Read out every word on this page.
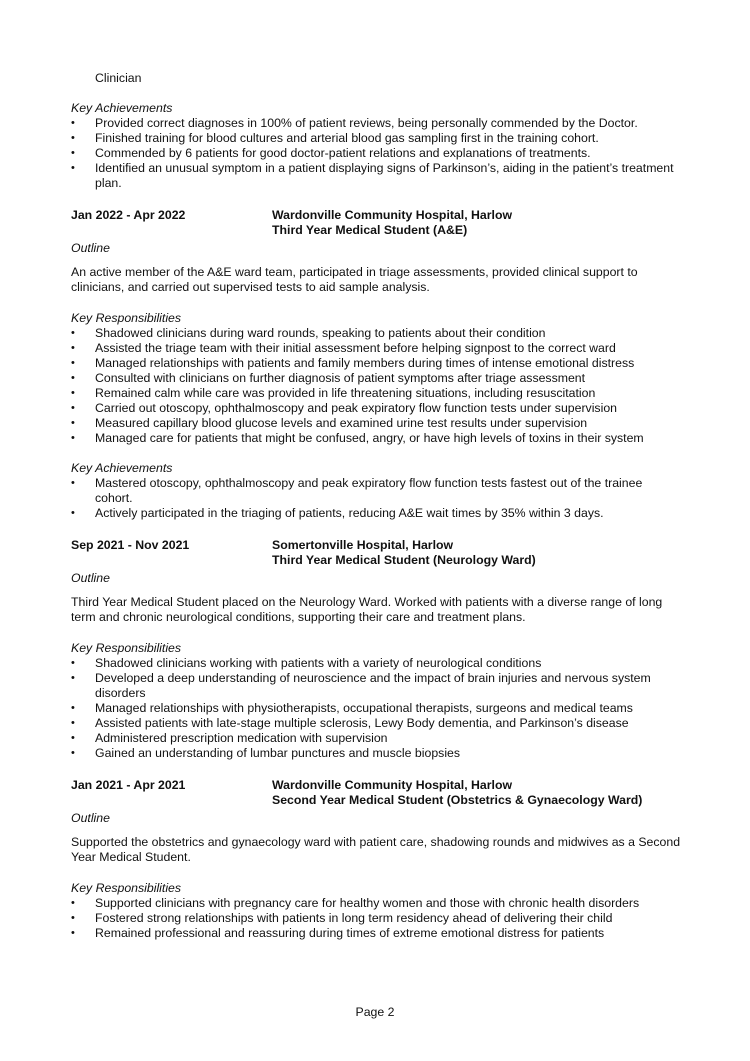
Clinician
Key Achievements
• Provided correct diagnoses in 100% of patient reviews, being personally commended by the Doctor.
• Finished training for blood cultures and arterial blood gas sampling first in the training cohort.
• Commended by 6 patients for good doctor-patient relations and explanations of treatments.
• Identified an unusual symptom in a patient displaying signs of Parkinson’s, aiding in the patient’s treatment plan.
Jan 2022 - Apr 2022	Wardonville Community Hospital, Harlow
Third Year Medical Student (A&E)
Outline

An active member of the A&E ward team, participated in triage assessments, provided clinical support to clinicians, and carried out supervised tests to aid sample analysis.

Key Responsibilities
• Shadowed clinicians during ward rounds, speaking to patients about their condition
• Assisted the triage team with their initial assessment before helping signpost to the correct ward
• Managed relationships with patients and family members during times of intense emotional distress
• Consulted with clinicians on further diagnosis of patient symptoms after triage assessment
• Remained calm while care was provided in life threatening situations, including resuscitation
• Carried out otoscopy, ophthalmoscopy and peak expiratory flow function tests under supervision
• Measured capillary blood glucose levels and examined urine test results under supervision
• Managed care for patients that might be confused, angry, or have high levels of toxins in their system
Key Achievements
• Mastered otoscopy, ophthalmoscopy and peak expiratory flow function tests fastest out of the trainee cohort.
• Actively participated in the triaging of patients, reducing A&E wait times by 35% within 3 days.
Sep 2021 - Nov 2021	Somertonville Hospital, Harlow
Third Year Medical Student (Neurology Ward)
Outline

Third Year Medical Student placed on the Neurology Ward. Worked with patients with a diverse range of long term and chronic neurological conditions, supporting their care and treatment plans.

Key Responsibilities
• Shadowed clinicians working with patients with a variety of neurological conditions
• Developed a deep understanding of neuroscience and the impact of brain injuries and nervous system disorders
• Managed relationships with physiotherapists, occupational therapists, surgeons and medical teams
• Assisted patients with late-stage multiple sclerosis, Lewy Body dementia, and Parkinson’s disease
• Administered prescription medication with supervision
• Gained an understanding of lumbar punctures and muscle biopsies
Jan 2021 - Apr 2021	Wardonville Community Hospital, Harlow
Second Year Medical Student (Obstetrics & Gynaecology Ward)
Outline

Supported the obstetrics and gynaecology ward with patient care, shadowing rounds and midwives as a Second Year Medical Student.

Key Responsibilities
• Supported clinicians with pregnancy care for healthy women and those with chronic health disorders
• Fostered strong relationships with patients in long term residency ahead of delivering their child
• Remained professional and reassuring during times of extreme emotional distress for patients
Page 2
